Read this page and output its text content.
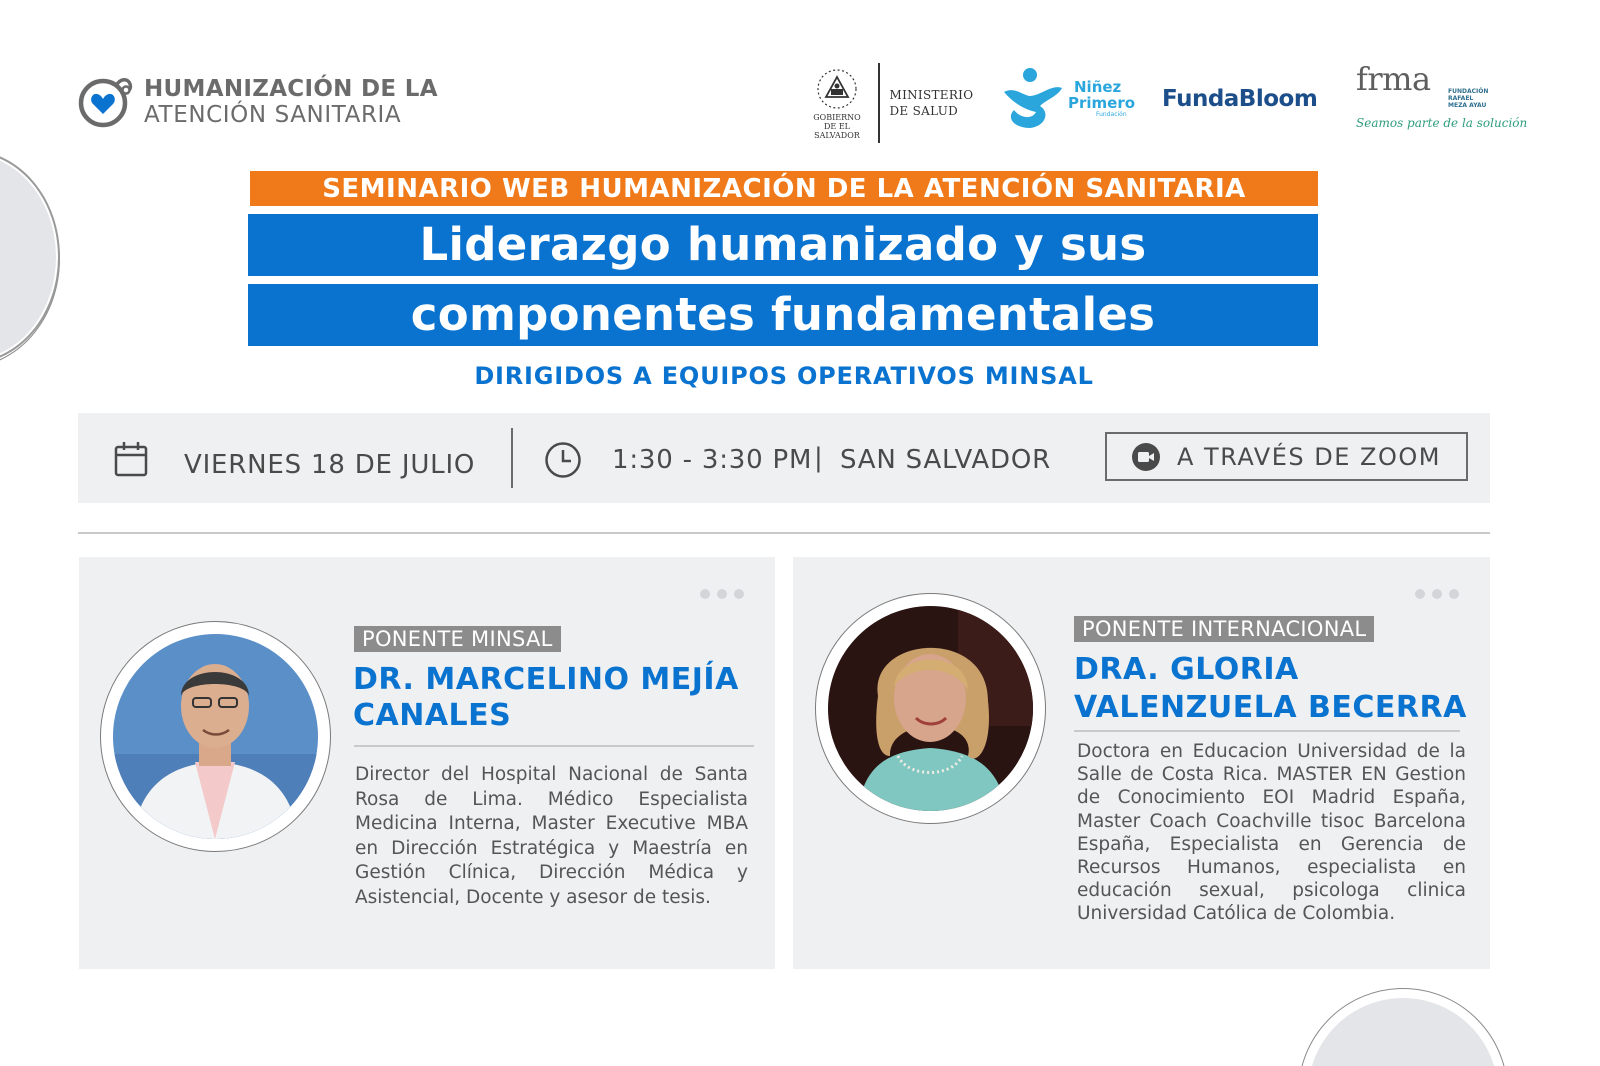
HUMANIZACIÓN DE LA
ATENCIÓN SANITARIA	GOBIERNO DE EL SALVADOR
MINISTERIO
DE SALUD
Niñez
Primero
Fundación
FundaBloom
frma	FUNDACIÓN RAFAEL MEZA AYAU
Seamos parte de la solución
SEMINARIO WEB HUMANIZACIÓN DE LA ATENCIÓN SANITARIA
Liderazgo humanizado y sus
componentes fundamentales
DIRIGIDOS A EQUIPOS OPERATIVOS MINSAL
VIERNES 18 DE JULIO	1:30 - 3:30 PM | SAN SALVADOR	A TRAVÉS DE ZOOM
PONENTE MINSAL
DR. MARCELINO MEJÍA
CANALES
Director del Hospital Nacional de Santa Rosa de Lima. Médico Especialista Medicina Interna, Master Executive MBA en Dirección Estratégica y Maestría en Gestión Clínica, Dirección Médica y Asistencial, Docente y asesor de tesis.
PONENTE INTERNACIONAL
DRA. GLORIA
VALENZUELA BECERRA
Doctora en Educacion Universidad de la Salle de Costa Rica. MASTER EN Gestion de Conocimiento EOI Madrid España, Master Coach Coachville tisoc Barcelona España, Especialista en Gerencia de Recursos Humanos, especialista en educación sexual, psicologa clinica Universidad Católica de Colombia.
